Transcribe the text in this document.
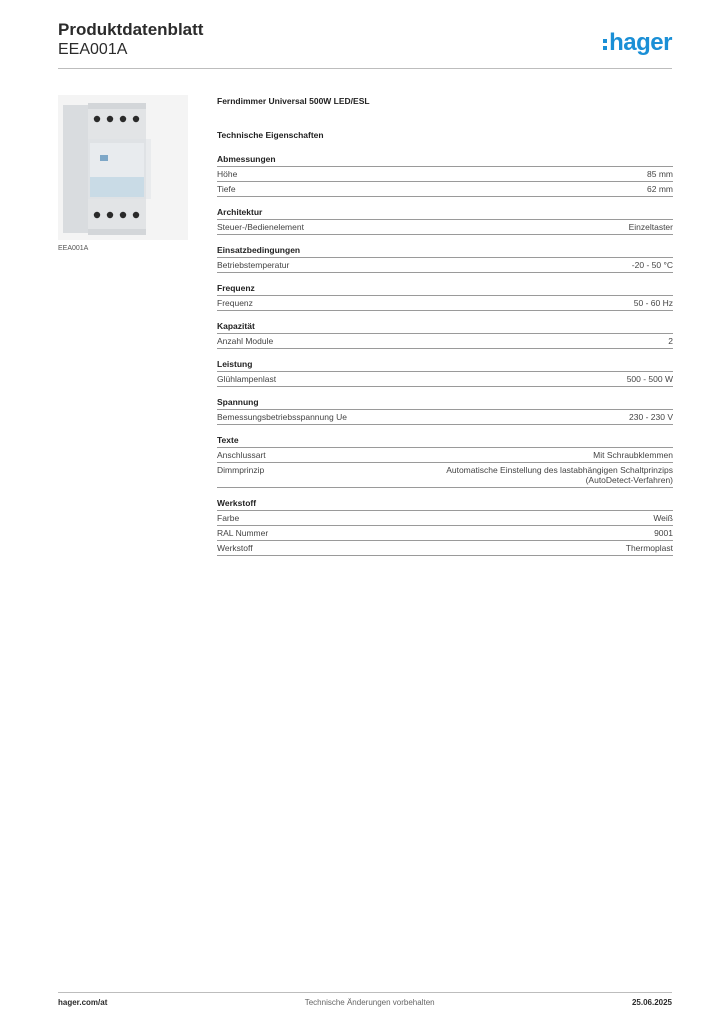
Produktdatenblatt
EEA001A	hager
EEA001A
Ferndimmer Universal 500W LED/ESL
Technische Eigenschaften
Abmessungen
Höhe	85 mm
Tiefe	62 mm
Architektur
Steuer-/Bedienelement	Einzeltaster
Einsatzbedingungen
Betriebstemperatur	-20 - 50 °C
Frequenz
Frequenz	50 - 60 Hz
Kapazität
Anzahl Module	2
Leistung
Glühlampenlast	500 - 500 W
Spannung
Bemessungsbetriebsspannung Ue	230 - 230 V
Texte
Anschlussart	Mit Schraubklemmen
Dimmprinzip	Automatische Einstellung des lastabhängigen Schaltprinzips (AutoDetect-Verfahren)
Werkstoff
Farbe	Weiß
RAL Nummer	9001
Werkstoff	Thermoplast
hager.com/at	Technische Änderungen vorbehalten	25.06.2025
